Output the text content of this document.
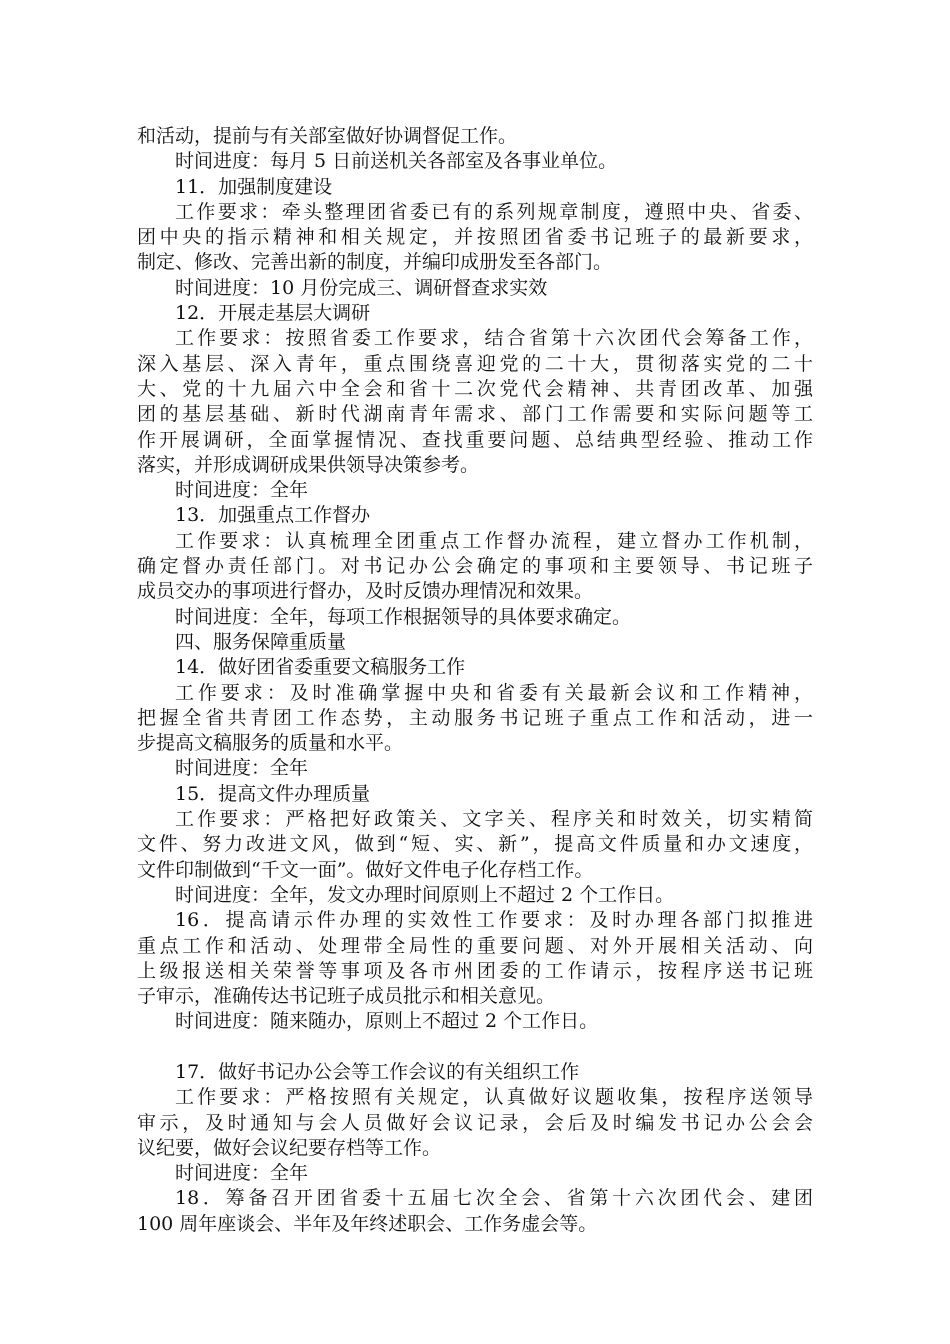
和活动，提前与有关部室做好协调督促工作。
时间进度：每月 5 日前送机关各部室及各事业单位。
11．加强制度建设
工作要求：牵头整理团省委已有的系列规章制度，遵照中央、省委、
团中央的指示精神和相关规定，并按照团省委书记班子的最新要求，
制定、修改、完善出新的制度，并编印成册发至各部门。
时间进度：10 月份完成三、调研督查求实效
12．开展走基层大调研
工作要求：按照省委工作要求，结合省第十六次团代会筹备工作，
深入基层、深入青年，重点围绕喜迎党的二十大，贯彻落实党的二十
大、党的十九届六中全会和省十二次党代会精神、共青团改革、加强
团的基层基础、新时代湖南青年需求、部门工作需要和实际问题等工
作开展调研，全面掌握情况、查找重要问题、总结典型经验、推动工作
落实，并形成调研成果供领导决策参考。
时间进度：全年
13．加强重点工作督办
工作要求：认真梳理全团重点工作督办流程，建立督办工作机制，
确定督办责任部门。对书记办公会确定的事项和主要领导、书记班子
成员交办的事项进行督办，及时反馈办理情况和效果。
时间进度：全年，每项工作根据领导的具体要求确定。
四、服务保障重质量
14．做好团省委重要文稿服务工作
工作要求：及时准确掌握中央和省委有关最新会议和工作精神，
把握全省共青团工作态势，主动服务书记班子重点工作和活动，进一
步提高文稿服务的质量和水平。
时间进度：全年
15．提高文件办理质量
工作要求：严格把好政策关、文字关、程序关和时效关，切实精简
文件、努力改进文风，做到“短、实、新”，提高文件质量和办文速度，
文件印制做到“千文一面”。做好文件电子化存档工作。
时间进度：全年，发文办理时间原则上不超过 2 个工作日。
16．提高请示件办理的实效性工作要求：及时办理各部门拟推进
重点工作和活动、处理带全局性的重要问题、对外开展相关活动、向
上级报送相关荣誉等事项及各市州团委的工作请示，按程序送书记班
子审示，准确传达书记班子成员批示和相关意见。
时间进度：随来随办，原则上不超过 2 个工作日。
17．做好书记办公会等工作会议的有关组织工作
工作要求：严格按照有关规定，认真做好议题收集，按程序送领导
审示，及时通知与会人员做好会议记录，会后及时编发书记办公会会
议纪要，做好会议纪要存档等工作。
时间进度：全年
18．筹备召开团省委十五届七次全会、省第十六次团代会、建团
100 周年座谈会、半年及年终述职会、工作务虚会等。
